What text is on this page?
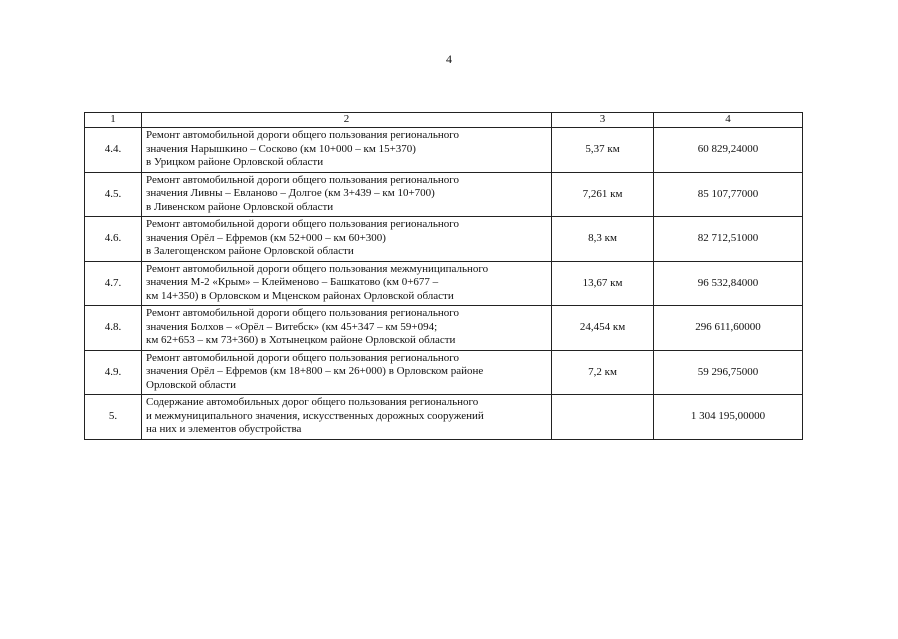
4
1	2	3	4
4.4.	Ремонт автомобильной дороги общего пользования регионального
значения Нарышкино – Сосково (км 10+000 – км 15+370)
в Урицком районе Орловской области	5,37 км	60 829,24000
4.5.	Ремонт автомобильной дороги общего пользования регионального
значения Ливны – Евланово – Долгое (км 3+439 – км 10+700)
в Ливенском районе Орловской области	7,261 км	85 107,77000
4.6.	Ремонт автомобильной дороги общего пользования регионального
значения Орёл – Ефремов (км 52+000 – км 60+300)
в Залегощенском районе Орловской области	8,3 км	82 712,51000
4.7.	Ремонт автомобильной дороги общего пользования межмуниципального
значения М-2 «Крым» – Клейменово – Башкатово (км 0+677 –
км 14+350) в Орловском и Мценском районах Орловской области	13,67 км	96 532,84000
4.8.	Ремонт автомобильной дороги общего пользования регионального
значения Болхов – «Орёл – Витебск» (км 45+347 – км 59+094;
км 62+653 – км 73+360) в Хотынецком районе Орловской области	24,454 км	296 611,60000
4.9.	Ремонт автомобильной дороги общего пользования регионального
значения Орёл – Ефремов (км 18+800 – км 26+000) в Орловском районе
Орловской области	7,2 км	59 296,75000
5.	Содержание автомобильных дорог общего пользования регионального
и межмуниципального значения, искусственных дорожных сооружений
на них и элементов обустройства		1 304 195,00000
